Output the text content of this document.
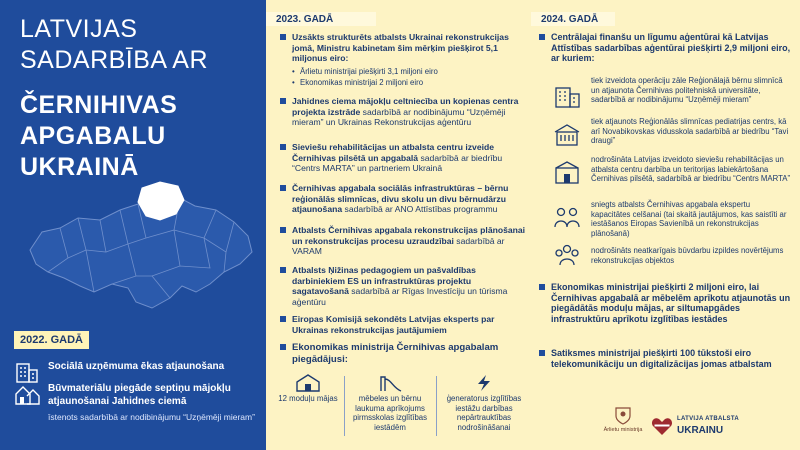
LATVIJAS
SADARBĪBA AR
ČERNIHIVAS
APGABALU
UKRAINĀ
2022. GADĀ
Sociālā uzņēmuma ēkas atjaunošana
Būvmateriālu piegāde septiņu mājokļu atjaunošanai Jahidnes ciemā
īstenots sadarbībā ar nodibinājumu “Uzņēmēji mieram”
2023. GADĀ
Uzsākts strukturēts atbalsts Ukrainai rekonstrukcijas jomā, Ministru kabinetam šim mērķim piešķirot 5,1 miljonus eiro:
• Ārlietu ministrijai piešķirti 3,1 miljoni eiro
• Ekonomikas ministrijai 2 miljoni eiro
Jahidnes ciema mājokļu celtniecība un kopienas centra projekta izstrāde sadarbībā ar nodibinājumu “Uzņēmēji mieram” un Ukrainas Rekonstrukcijas aģentūru
Sieviešu rehabilitācijas un atbalsta centru izveide Černihivas pilsētā un apgabalā sadarbībā ar biedrību “Centrs MARTA” un partneriem Ukrainā
Černihivas apgabala sociālās infrastruktūras – bērnu reģionālās slimnīcas, divu skolu un divu bērnudārzu atjaunošana sadarbībā ar ANO Attīstības programmu
Atbalsts Černihivas apgabala rekonstrukcijas plānošanai un rekonstrukcijas procesu uzraudzībai sadarbībā ar VARAM
Atbalsts Ņižinas pedagogiem un pašvaldības darbiniekiem ES un infrastruktūras projektu sagatavošanā sadarbībā ar Rīgas Investīciju un tūrisma aģentūru
Eiropas Komisijā sekondēts Latvijas eksperts par Ukrainas rekonstrukcijas jautājumiem
Ekonomikas ministrija Černihivas apgabalam piegādājusi:
12 moduļu mājas	mēbeles un bērnu laukuma aprīkojums pirmsskolas izglītības iestādēm
ģeneratorus izglītības iestāžu darbības nepārtrauktības nodrošināšanai
2024. GADĀ
Centrālajai finanšu un līgumu aģentūrai kā Latvijas Attīstības sadarbības aģentūrai piešķirti 2,9 miljoni eiro, ar kuriem:
tiek izveidota operāciju zāle Reģionālajā bērnu slimnīcā un atjaunota Černihivas politehniskā universitāte, sadarbībā ar nodibinājumu “Uzņēmēji mieram”
tiek atjaunots Reģionālās slimnīcas pediatrijas centrs, kā arī Novabikovskas vidusskola sadarbībā ar biedrību “Tavi draugi”
nodrošināta Latvijas izveidoto sieviešu rehabilitācijas un atbalsta centru darbība un teritorijas labiekārtošana Černihivas pilsētā, sadarbībā ar biedrību “Centrs MARTA”
sniegts atbalsts Černihivas apgabala ekspertu kapacitātes celšanai (tai skaitā jautājumos, kas saistīti ar iestāšanos Eiropas Savienībā un rekonstrukcijas plānošanā)
nodrošināts neatkarīgais būvdarbu izpildes novērtējums rekonstrukcijas objektos
Ekonomikas ministrijai piešķirti 2 miljoni eiro, lai Černihivas apgabalā ar mēbelēm aprīkotu atjaunotās un piegādātās moduļu mājas, ar siltumapgādes infrastruktūru aprīkotu izglītības iestādes
Satiksmes ministrijai piešķirti 100 tūkstoši eiro telekomunikāciju un digitalizācijas jomas atbalstam
Ārlietu ministrija
LATVIJA ATBALSTA
UKRAINU
